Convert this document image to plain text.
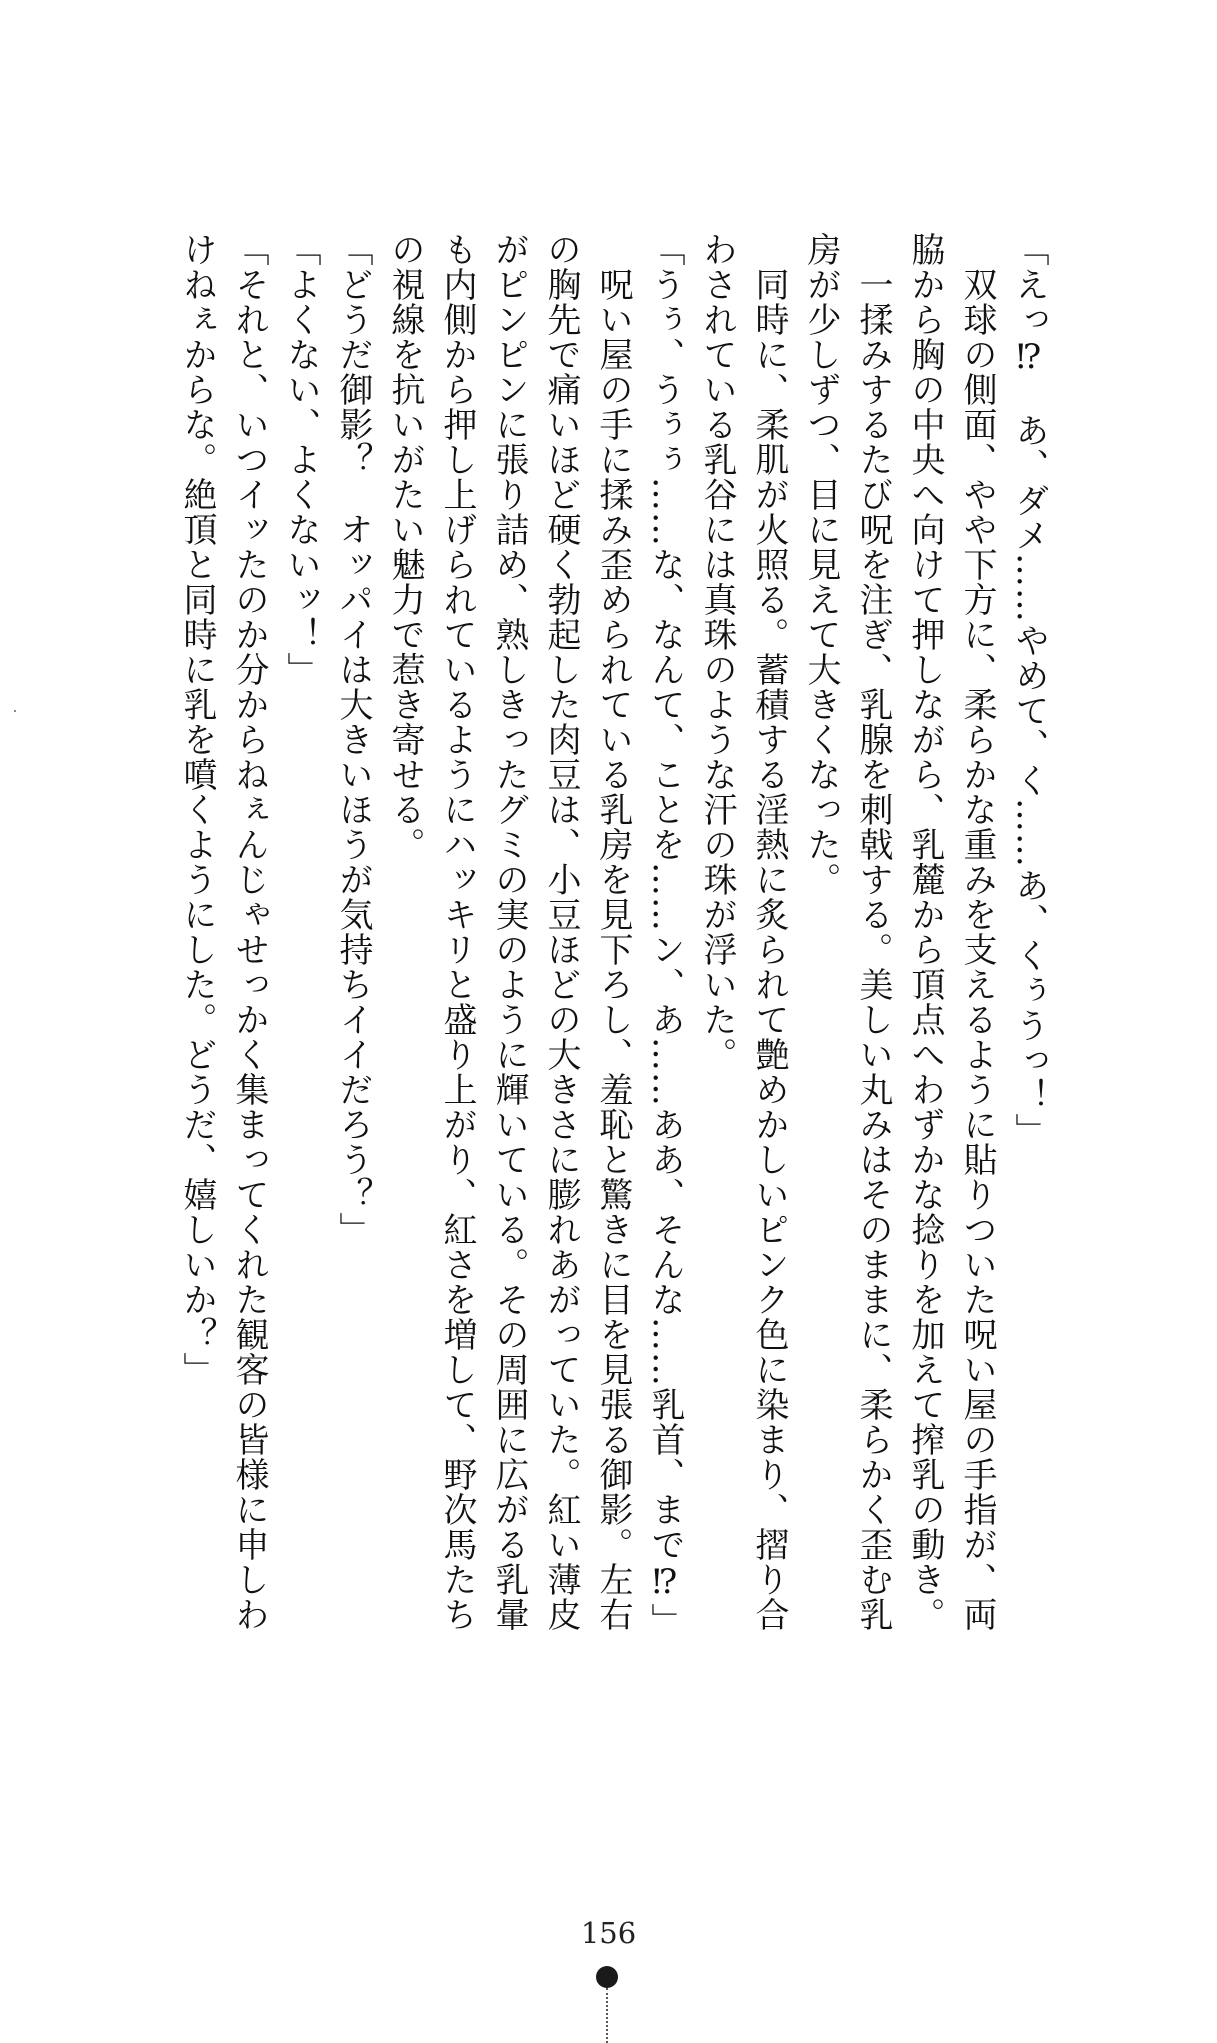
「えっ⁉　あ、ダメ……やめて、く……あ、くぅうっ！」
　双球の側面、やや下方に、柔らかな重みを支えるように貼りついた呪い屋の手指が、両
脇から胸の中央へ向けて押しながら、乳麓から頂点へわずかな捻りを加えて搾乳の動き。
　一揉みするたび呪を注ぎ、乳腺を刺戟する。美しい丸みはそのままに、柔らかく歪む乳
房が少しずつ、目に見えて大きくなった。
　同時に、柔肌が火照る。蓄積する淫熱に炙られて艶めかしいピンク色に染まり、摺り合
わされている乳谷には真珠のような汗の珠が浮いた。
「うぅ、うぅぅ……な、なんて、ことを……ン、あ……ああ、そんな……乳首、まで⁉」
　呪い屋の手に揉み歪められている乳房を見下ろし、羞恥と驚きに目を見張る御影。左右
の胸先で痛いほど硬く勃起した肉豆は、小豆ほどの大きさに膨れあがっていた。紅い薄皮
がピンピンに張り詰め、熟しきったグミの実のように輝いている。その周囲に広がる乳暈
も内側から押し上げられているようにハッキリと盛り上がり、紅さを増して、野次馬たち
の視線を抗いがたい魅力で惹き寄せる。
「どうだ御影？　オッパイは大きいほうが気持ちイイだろう？」
「よくない、よくないッ！」
「それと、いつイッたのか分からねぇんじゃせっかく集まってくれた観客の皆様に申しわ
けねぇからな。絶頂と同時に乳を噴くようにした。どうだ、嬉しいか？」
156
